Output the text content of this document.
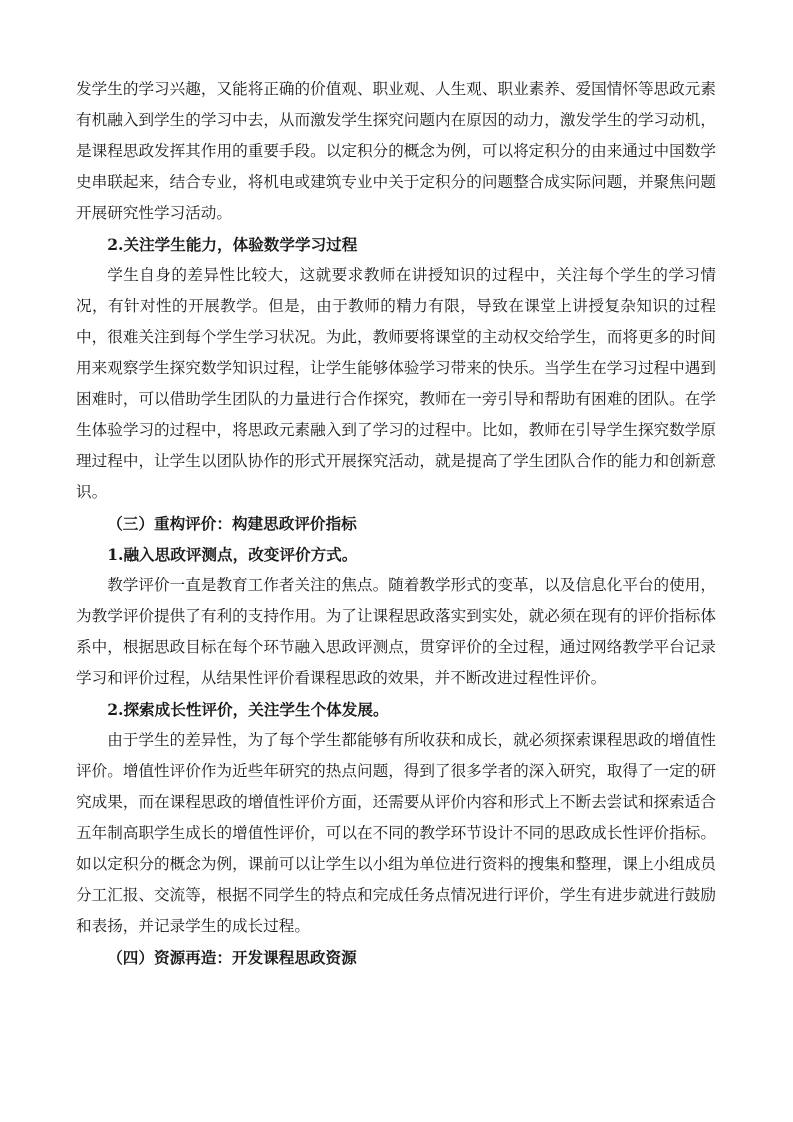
发学生的学习兴趣，又能将正确的价值观、职业观、人生观、职业素养、爱国情怀等思政元素有机融入到学生的学习中去，从而激发学生探究问题内在原因的动力，激发学生的学习动机，是课程思政发挥其作用的重要手段。以定积分的概念为例，可以将定积分的由来通过中国数学史串联起来，结合专业，将机电或建筑专业中关于定积分的问题整合成实际问题，并聚焦问题开展研究性学习活动。

2.关注学生能力，体验数学学习过程

学生自身的差异性比较大，这就要求教师在讲授知识的过程中，关注每个学生的学习情况，有针对性的开展教学。但是，由于教师的精力有限，导致在课堂上讲授复杂知识的过程中，很难关注到每个学生学习状况。为此，教师要将课堂的主动权交给学生，而将更多的时间用来观察学生探究数学知识过程，让学生能够体验学习带来的快乐。当学生在学习过程中遇到困难时，可以借助学生团队的力量进行合作探究，教师在一旁引导和帮助有困难的团队。在学生体验学习的过程中，将思政元素融入到了学习的过程中。比如，教师在引导学生探究数学原理过程中，让学生以团队协作的形式开展探究活动，就是提高了学生团队合作的能力和创新意识。

（三）重构评价：构建思政评价指标

1.融入思政评测点，改变评价方式。

教学评价一直是教育工作者关注的焦点。随着教学形式的变革，以及信息化平台的使用，为教学评价提供了有利的支持作用。为了让课程思政落实到实处，就必须在现有的评价指标体系中，根据思政目标在每个环节融入思政评测点，贯穿评价的全过程，通过网络教学平台记录学习和评价过程，从结果性评价看课程思政的效果，并不断改进过程性评价。

2.探索成长性评价，关注学生个体发展。

由于学生的差异性，为了每个学生都能够有所收获和成长，就必须探索课程思政的增值性评价。增值性评价作为近些年研究的热点问题，得到了很多学者的深入研究，取得了一定的研究成果，而在课程思政的增值性评价方面，还需要从评价内容和形式上不断去尝试和探索适合五年制高职学生成长的增值性评价，可以在不同的教学环节设计不同的思政成长性评价指标。如以定积分的概念为例，课前可以让学生以小组为单位进行资料的搜集和整理，课上小组成员分工汇报、交流等，根据不同学生的特点和完成任务点情况进行评价，学生有进步就进行鼓励和表扬，并记录学生的成长过程。

（四）资源再造：开发课程思政资源
